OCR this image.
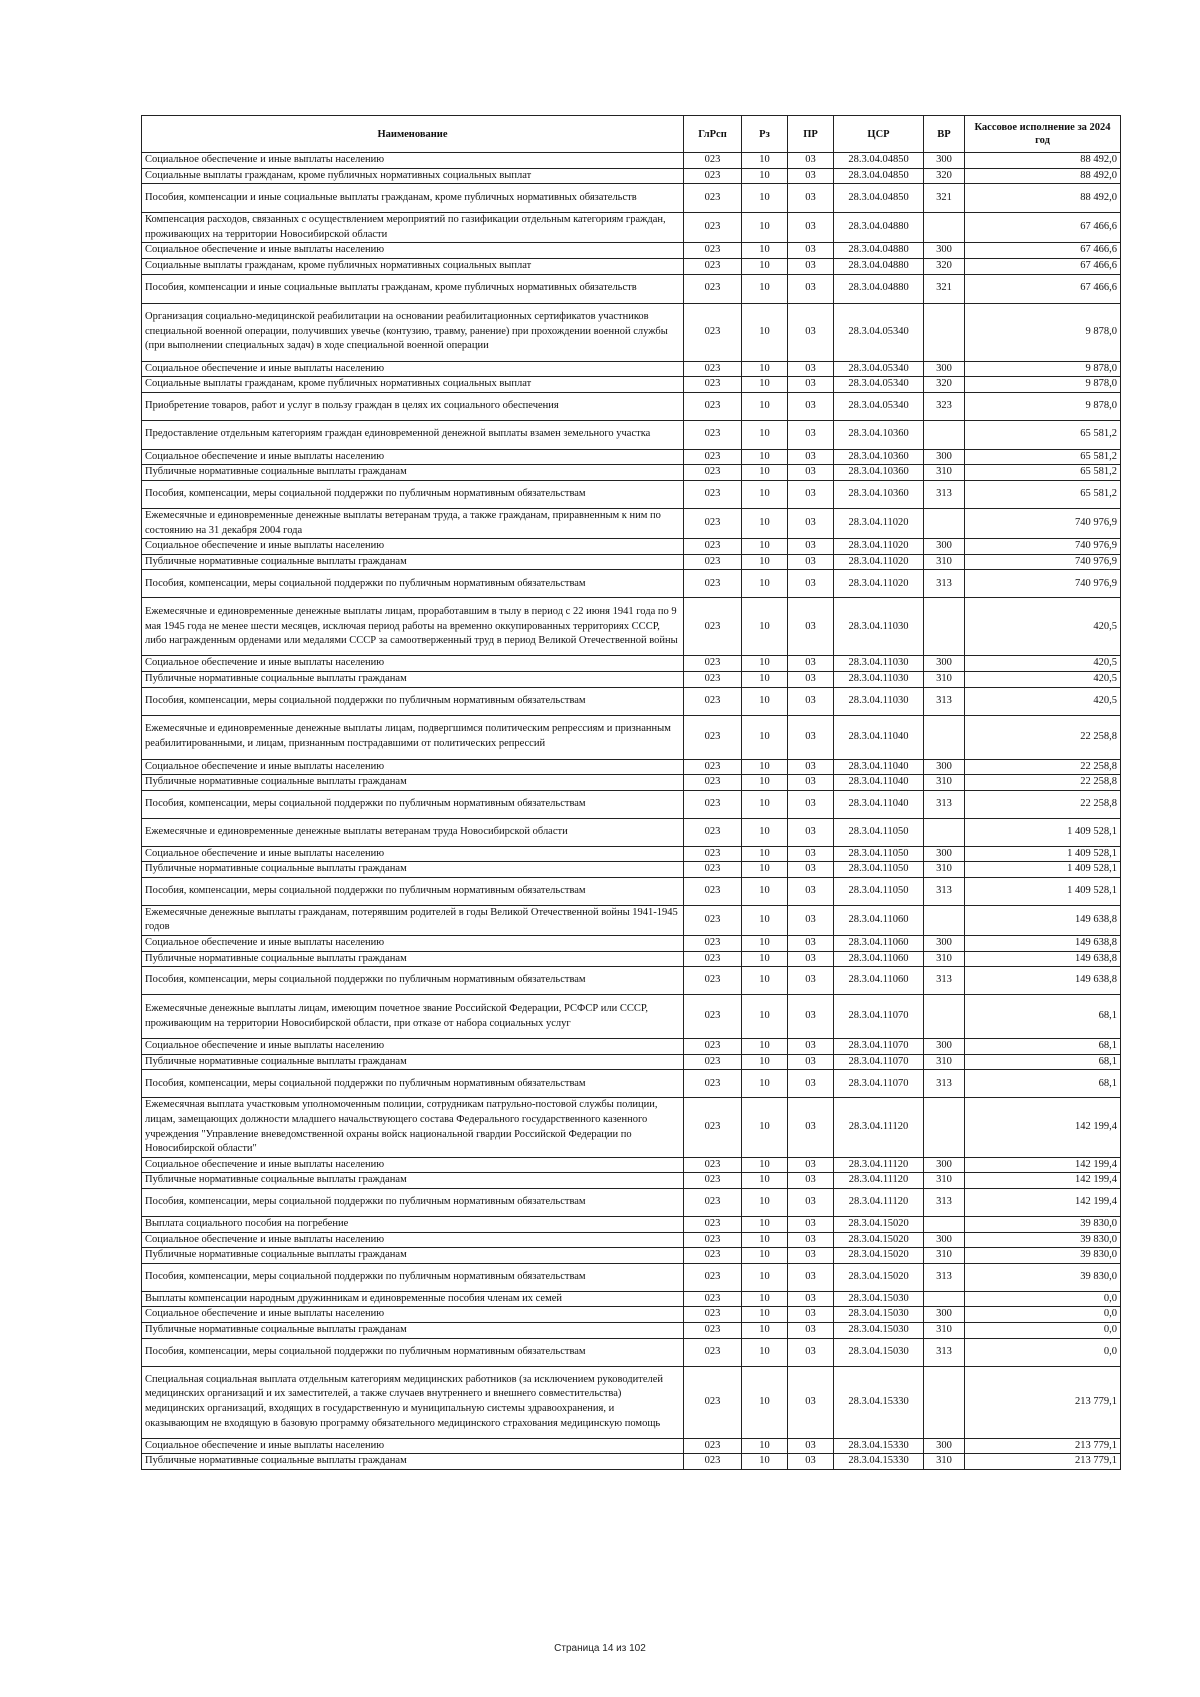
Наименование	ГлРсп	Рз	ПР	ЦСР	ВР	Кассовое исполнение за 2024 год
Социальное обеспечение и иные выплаты населению	023	10	03	28.3.04.04850	300	88 492,0
Социальные выплаты гражданам, кроме публичных нормативных социальных выплат	023	10	03	28.3.04.04850	320	88 492,0
Пособия, компенсации и иные социальные выплаты гражданам, кроме публичных нормативных обязательств	023	10	03	28.3.04.04850	321	88 492,0
Компенсация расходов, связанных с осуществлением мероприятий по газификации отдельным категориям граждан, проживающих на территории Новосибирской области	023	10	03	28.3.04.04880		67 466,6
Социальное обеспечение и иные выплаты населению	023	10	03	28.3.04.04880	300	67 466,6
Социальные выплаты гражданам, кроме публичных нормативных социальных выплат	023	10	03	28.3.04.04880	320	67 466,6
Пособия, компенсации и иные социальные выплаты гражданам, кроме публичных нормативных обязательств	023	10	03	28.3.04.04880	321	67 466,6
Организация социально-медицинской реабилитации на основании реабилитационных сертификатов участников специальной военной операции, получивших увечье (контузию, травму, ранение) при прохождении военной службы (при выполнении специальных задач) в ходе специальной военной операции	023	10	03	28.3.04.05340		9 878,0
Социальное обеспечение и иные выплаты населению	023	10	03	28.3.04.05340	300	9 878,0
Социальные выплаты гражданам, кроме публичных нормативных социальных выплат	023	10	03	28.3.04.05340	320	9 878,0
Приобретение товаров, работ и услуг в пользу граждан в целях их социального обеспечения	023	10	03	28.3.04.05340	323	9 878,0
Предоставление отдельным категориям граждан единовременной денежной выплаты взамен земельного участка	023	10	03	28.3.04.10360		65 581,2
Социальное обеспечение и иные выплаты населению	023	10	03	28.3.04.10360	300	65 581,2
Публичные нормативные социальные выплаты гражданам	023	10	03	28.3.04.10360	310	65 581,2
Пособия, компенсации, меры социальной поддержки по публичным нормативным обязательствам	023	10	03	28.3.04.10360	313	65 581,2
Ежемесячные и единовременные денежные выплаты ветеранам труда, а также гражданам, приравненным к ним по состоянию на 31 декабря 2004 года	023	10	03	28.3.04.11020		740 976,9
Социальное обеспечение и иные выплаты населению	023	10	03	28.3.04.11020	300	740 976,9
Публичные нормативные социальные выплаты гражданам	023	10	03	28.3.04.11020	310	740 976,9
Пособия, компенсации, меры социальной поддержки по публичным нормативным обязательствам	023	10	03	28.3.04.11020	313	740 976,9
Ежемесячные и единовременные денежные выплаты лицам, проработавшим в тылу в период с 22 июня 1941 года по 9 мая 1945 года не менее шести месяцев, исключая период работы на временно оккупированных территориях СССР, либо награжденным орденами или медалями СССР за самоотверженный труд в период Великой Отечественной войны	023	10	03	28.3.04.11030		420,5
Социальное обеспечение и иные выплаты населению	023	10	03	28.3.04.11030	300	420,5
Публичные нормативные социальные выплаты гражданам	023	10	03	28.3.04.11030	310	420,5
Пособия, компенсации, меры социальной поддержки по публичным нормативным обязательствам	023	10	03	28.3.04.11030	313	420,5
Ежемесячные и единовременные денежные выплаты лицам, подвергшимся политическим репрессиям и признанным реабилитированными, и лицам, признанным пострадавшими от политических репрессий	023	10	03	28.3.04.11040		22 258,8
Социальное обеспечение и иные выплаты населению	023	10	03	28.3.04.11040	300	22 258,8
Публичные нормативные социальные выплаты гражданам	023	10	03	28.3.04.11040	310	22 258,8
Пособия, компенсации, меры социальной поддержки по публичным нормативным обязательствам	023	10	03	28.3.04.11040	313	22 258,8
Ежемесячные и единовременные денежные выплаты ветеранам труда Новосибирской области	023	10	03	28.3.04.11050		1 409 528,1
Социальное обеспечение и иные выплаты населению	023	10	03	28.3.04.11050	300	1 409 528,1
Публичные нормативные социальные выплаты гражданам	023	10	03	28.3.04.11050	310	1 409 528,1
Пособия, компенсации, меры социальной поддержки по публичным нормативным обязательствам	023	10	03	28.3.04.11050	313	1 409 528,1
Ежемесячные денежные выплаты гражданам, потерявшим родителей в годы Великой Отечественной войны 1941-1945 годов	023	10	03	28.3.04.11060		149 638,8
Социальное обеспечение и иные выплаты населению	023	10	03	28.3.04.11060	300	149 638,8
Публичные нормативные социальные выплаты гражданам	023	10	03	28.3.04.11060	310	149 638,8
Пособия, компенсации, меры социальной поддержки по публичным нормативным обязательствам	023	10	03	28.3.04.11060	313	149 638,8
Ежемесячные денежные выплаты лицам, имеющим почетное звание Российской Федерации, РСФСР или СССР, проживающим на территории Новосибирской области, при отказе от набора социальных услуг	023	10	03	28.3.04.11070		68,1
Социальное обеспечение и иные выплаты населению	023	10	03	28.3.04.11070	300	68,1
Публичные нормативные социальные выплаты гражданам	023	10	03	28.3.04.11070	310	68,1
Пособия, компенсации, меры социальной поддержки по публичным нормативным обязательствам	023	10	03	28.3.04.11070	313	68,1
Ежемесячная выплата участковым уполномоченным полиции, сотрудникам патрульно-постовой службы полиции, лицам, замещающих должности младшего начальствующего состава Федерального государственного казенного учреждения "Управление вневедомственной охраны войск национальной гвардии Российской Федерации по Новосибирской области"	023	10	03	28.3.04.11120		142 199,4
Социальное обеспечение и иные выплаты населению	023	10	03	28.3.04.11120	300	142 199,4
Публичные нормативные социальные выплаты гражданам	023	10	03	28.3.04.11120	310	142 199,4
Пособия, компенсации, меры социальной поддержки по публичным нормативным обязательствам	023	10	03	28.3.04.11120	313	142 199,4
Выплата социального пособия на погребение	023	10	03	28.3.04.15020		39 830,0
Социальное обеспечение и иные выплаты населению	023	10	03	28.3.04.15020	300	39 830,0
Публичные нормативные социальные выплаты гражданам	023	10	03	28.3.04.15020	310	39 830,0
Пособия, компенсации, меры социальной поддержки по публичным нормативным обязательствам	023	10	03	28.3.04.15020	313	39 830,0
Выплаты компенсации народным дружинникам и единовременные пособия членам их семей	023	10	03	28.3.04.15030		0,0
Социальное обеспечение и иные выплаты населению	023	10	03	28.3.04.15030	300	0,0
Публичные нормативные социальные выплаты гражданам	023	10	03	28.3.04.15030	310	0,0
Пособия, компенсации, меры социальной поддержки по публичным нормативным обязательствам	023	10	03	28.3.04.15030	313	0,0
Специальная социальная выплата отдельным категориям медицинских работников (за исключением руководителей медицинских организаций и их заместителей, а также случаев внутреннего и внешнего совместительства) медицинских организаций, входящих в государственную и муниципальную системы здравоохранения, и оказывающим не входящую в базовую программу обязательного медицинского страхования медицинскую помощь	023	10	03	28.3.04.15330		213 779,1
Социальное обеспечение и иные выплаты населению	023	10	03	28.3.04.15330	300	213 779,1
Публичные нормативные социальные выплаты гражданам	023	10	03	28.3.04.15330	310	213 779,1
Страница 14 из 102
